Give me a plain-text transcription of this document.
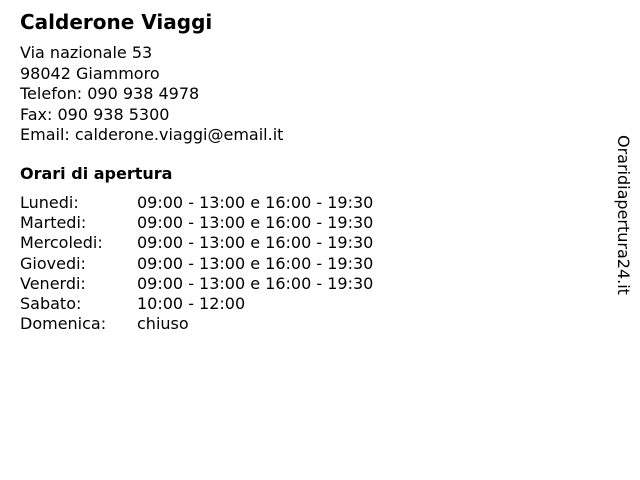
Calderone Viaggi
Via nazionale 53
98042 Giammoro
Telefon: 090 938 4978
Fax: 090 938 5300
Email: calderone.viaggi@email.it
Orari di apertura
Lunedi:	09:00 - 13:00 e 16:00 - 19:30
Martedi:	09:00 - 13:00 e 16:00 - 19:30
Mercoledi:	09:00 - 13:00 e 16:00 - 19:30
Giovedi:	09:00 - 13:00 e 16:00 - 19:30
Venerdi:	09:00 - 13:00 e 16:00 - 19:30
Sabato:	10:00 - 12:00
Domenica:	chiuso
Oraridiapertura24.it
